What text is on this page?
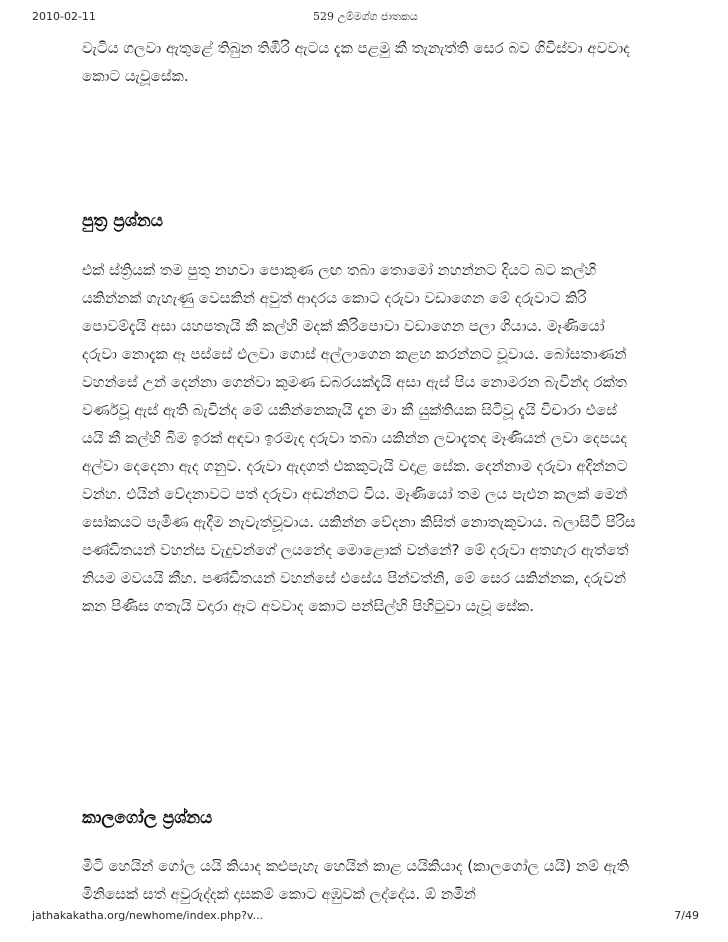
2010-02-11	529 උම්මග්ග ජාතකය

වැටිය ගලවා ඇතුළේ තිබුන තිඹිරි ඇටය දැක පළමු කී තැනැත්ති සෙර බව ගිවිස්වා අවවාද කොට යැවූසේක.

පුත්‍ර ප්‍රශ්නය

එක් ස්ත්‍රියක් තම පුතු නහවා පොකුණ ලඟ තබා තොමෝ නහන්නට දියට බට කල්හි යකින්නක් ගැහැණු වෙසකින් අවුත් ආදරය කොට දරුවා වඩාගෙන මේ දරුවාට කිරි පොවම්දැයි අසා යහපතැයි කී කල්හි මදක් කිරිපොවා වඩාගෙන පලා ගියාය. මෑණියෝ දරුවා නොදැක ඈ පස්සේ එලවා ගොස් අල්ලාගෙන කළහ කරන්නට වූවාය. බෝසතාණන් වහන්සේ උන් දෙන්නා ගෙන්වා කුමණ ඩබරයක්දැයි අසා ඇස් පිය නොමරන බැවින්ද රක්ත වර්ණවූ ඇස් ඇති බැවින්ද මේ යකින්නෙකැයි දැන මා කී යුක්තියක සිටිවූ දැයි විචාරා එසේ යයි කී කල්හි බිම ඉරක් අඳවා ඉරමැද දරුවා තබා යකින්න ලවාදැතද මෑණියන් ලවා දෙපයද අල්වා දෙදෙනා ඇද ගනුව. දරුවා ඇදගත් එකකුටැයි වදාළ සේක. දෙන්නාම දරුවා අදින්නට වන්හ. එයින් වේදනාවට පත් දරුවා අඬන්නට විය. මෑණියෝ තම ලය පැළුන කලක් මෙන් සෝකයට පැමිණ ඇදීම නැවැත්වූවාය. යකින්න වේදනා කිසිත් නොතැකුවාය. බලාසිටි පිරිස පණ්ඩිතයන් වහන්ස වැදුවන්ගේ ලයනේද මොළොක් වන්නේ? මේ දරුවා අතහැර ඇත්තේ නියම මවයයි කීහ. පණ්ඩිතයන් වහන්සේ එසේය පින්වත්නි, මේ සෙර යකින්නක, දරුවන් කන පිණිස ගතැයි වදාරා ඈට අවවාද කොට පන්සිල්හි පිහිටුවා යැවූ සේක.

කාලගෝල ප්‍රශ්නය

මිටි හෙයින් ගෝල යයි කියාද කළුපැහැ හෙයින් කාළ යයිකියාද (කාලගෝල යයි) නම් ඇති මිනිසෙක් සත් අවුරුද්දක් දාසකම් කොට අඹුවක් ලද්දේය. ඕ නමින්

jathakakatha.org/newhome/index.php?v...	7/49
